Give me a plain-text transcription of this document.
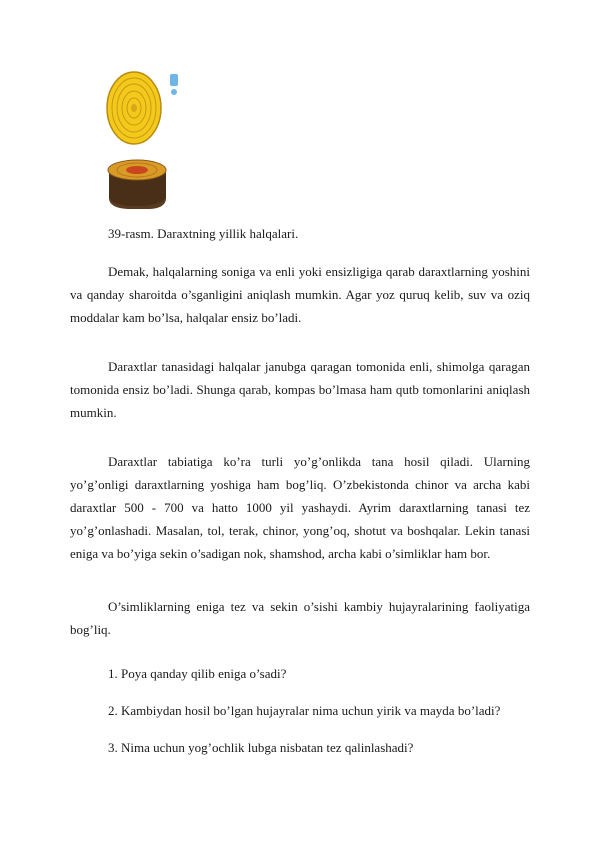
39-rasm. Daraxtning yillik halqalari.

Demak, halqalarning soniga va enli yoki ensizligiga qarab daraxtlarning yoshini va qanday sharoitda o’sganligini aniqlash mumkin. Agar yoz quruq kelib, suv va oziq moddalar kam bo’lsa, halqalar ensiz bo’ladi.

Daraxtlar tanasidagi halqalar janubga qaragan tomonida enli, shimolga qaragan tomonida ensiz bo’ladi. Shunga qarab, kompas bo’lmasa ham qutb tomonlarini aniqlash mumkin.

Daraxtlar tabiatiga ko’ra turli yo’g’onlikda tana hosil qiladi. Ularning yo’g’onligi daraxtlarning yoshiga ham bog’liq. O’zbekistonda chinor va archa kabi daraxtlar 500 - 700 va hatto 1000 yil yashaydi. Ayrim daraxtlarning tanasi tez yo’g’onlashadi. Masalan, tol, terak, chinor, yong’oq, shotut va boshqalar. Lekin tanasi eniga va bo’yiga sekin o’sadigan nok, shamshod, archa kabi o’simliklar ham bor.

O’simliklarning eniga tez va sekin o’sishi kambiy hujayralarining faoliyatiga bog’liq.

1. Poya qanday qilib eniga o’sadi?

2. Kambiydan hosil bo’lgan hujayralar nima uchun yirik va mayda bo’ladi?

3. Nima uchun yog’ochlik lubga nisbatan tez qalinlashadi?
